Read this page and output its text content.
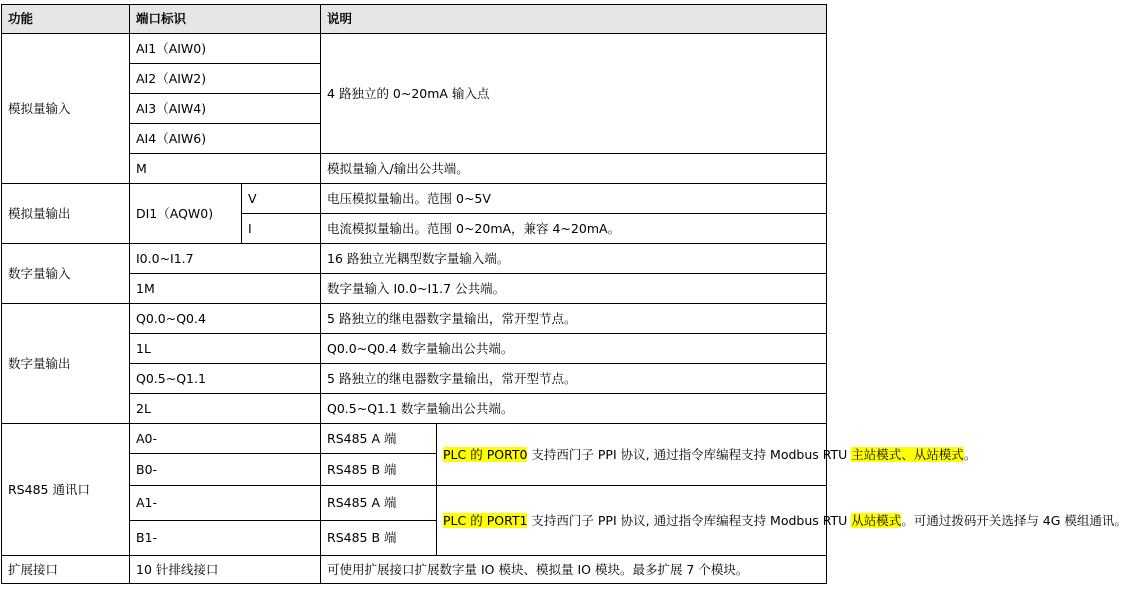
功能	端口标识		说明	
模拟量输入	AI1（AIW0)		4 路独立的 0~20mA 输入点	
	AI2（AIW2)			
	AI3（AIW4)			
	AI4（AIW6)			
	M		模拟量输入/输出公共端。	
模拟量输出	DI1（AQW0)	V	电压模拟量输出。范围 0~5V	
		I	电流模拟量输出。范围 0~20mA，兼容 4~20mA。	
数字量输入	I0.0~I1.7		16 路独立光耦型数字量输入端。	
	1M		数字量输入 I0.0~I1.7 公共端。	
数字量输出	Q0.0~Q0.4		5 路独立的继电器数字量输出，常开型节点。	
	1L		Q0.0~Q0.4 数字量输出公共端。	
	Q0.5~Q1.1		5 路独立的继电器数字量输出，常开型节点。	
	2L		Q0.5~Q1.1 数字量输出公共端。	
RS485 通讯口	A0-		RS485 A 端	PLC 的 PORT0 支持西门子 PPI 协议, 通过指令库编程支持 Modbus RTU 主站模式、从站模式。
	B0-		RS485 B 端	
	A1-		RS485 A 端	PLC 的 PORT1 支持西门子 PPI 协议, 通过指令库编程支持 Modbus RTU 从站模式。可通过拨码开关选择与 4G 模组通讯。
	B1-		RS485 B 端	
扩展接口	10 针排线接口		可使用扩展接口扩展数字量 IO 模块、模拟量 IO 模块。最多扩展 7 个模块。	
